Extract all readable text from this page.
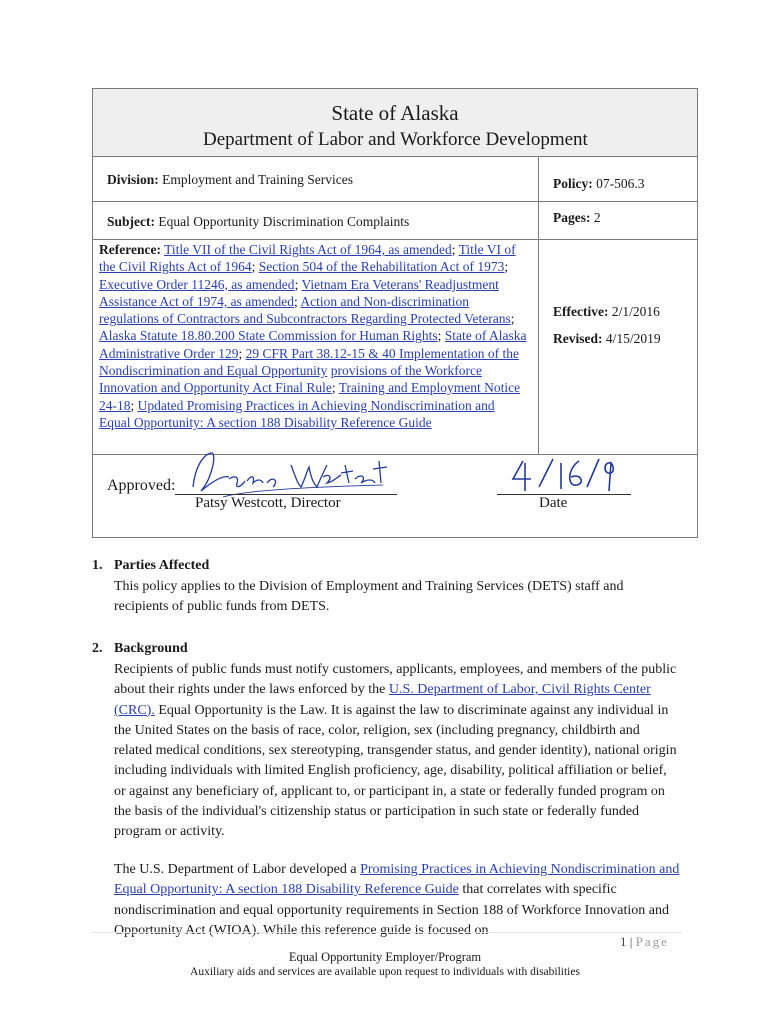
State of Alaska
Department of Labor and Workforce Development
Division: Employment and Training Services	Policy: 07-506.3
Subject: Equal Opportunity Discrimination Complaints	Pages: 2
Reference: Title VII of the Civil Rights Act of 1964, as amended; Title VI of the Civil Rights Act of 1964; Section 504 of the Rehabilitation Act of 1973; Executive Order 11246, as amended; Vietnam Era Veterans' Readjustment Assistance Act of 1974, as amended; Action and Non-discrimination regulations of Contractors and Subcontractors Regarding Protected Veterans; Alaska Statute 18.80.200 State Commission for Human Rights; State of Alaska Administrative Order 129; 29 CFR Part 38.12-15 & 40 Implementation of the Nondiscrimination and Equal Opportunity provisions of the Workforce Innovation and Opportunity Act Final Rule; Training and Employment Notice 24-18; Updated Promising Practices in Achieving Nondiscrimination and Equal Opportunity: A section 188 Disability Reference Guide
Effective: 2/1/2016
Revised: 4/15/2019
Approved:
Patsy Westcott, Director	Date
1. Parties Affected
This policy applies to the Division of Employment and Training Services (DETS) staff and recipients of public funds from DETS.
2. Background
Recipients of public funds must notify customers, applicants, employees, and members of the public about their rights under the laws enforced by the U.S. Department of Labor, Civil Rights Center (CRC). Equal Opportunity is the Law. It is against the law to discriminate against any individual in the United States on the basis of race, color, religion, sex (including pregnancy, childbirth and related medical conditions, sex stereotyping, transgender status, and gender identity), national origin including individuals with limited English proficiency, age, disability, political affiliation or belief, or against any beneficiary of, applicant to, or participant in, a state or federally funded program on the basis of the individual's citizenship status or participation in such state or federally funded program or activity.
The U.S. Department of Labor developed a Promising Practices in Achieving Nondiscrimination and Equal Opportunity: A section 188 Disability Reference Guide that correlates with specific nondiscrimination and equal opportunity requirements in Section 188 of Workforce Innovation and Opportunity Act (WIOA). While this reference guide is focused on
1 | Page
Equal Opportunity Employer/Program
Auxiliary aids and services are available upon request to individuals with disabilities
